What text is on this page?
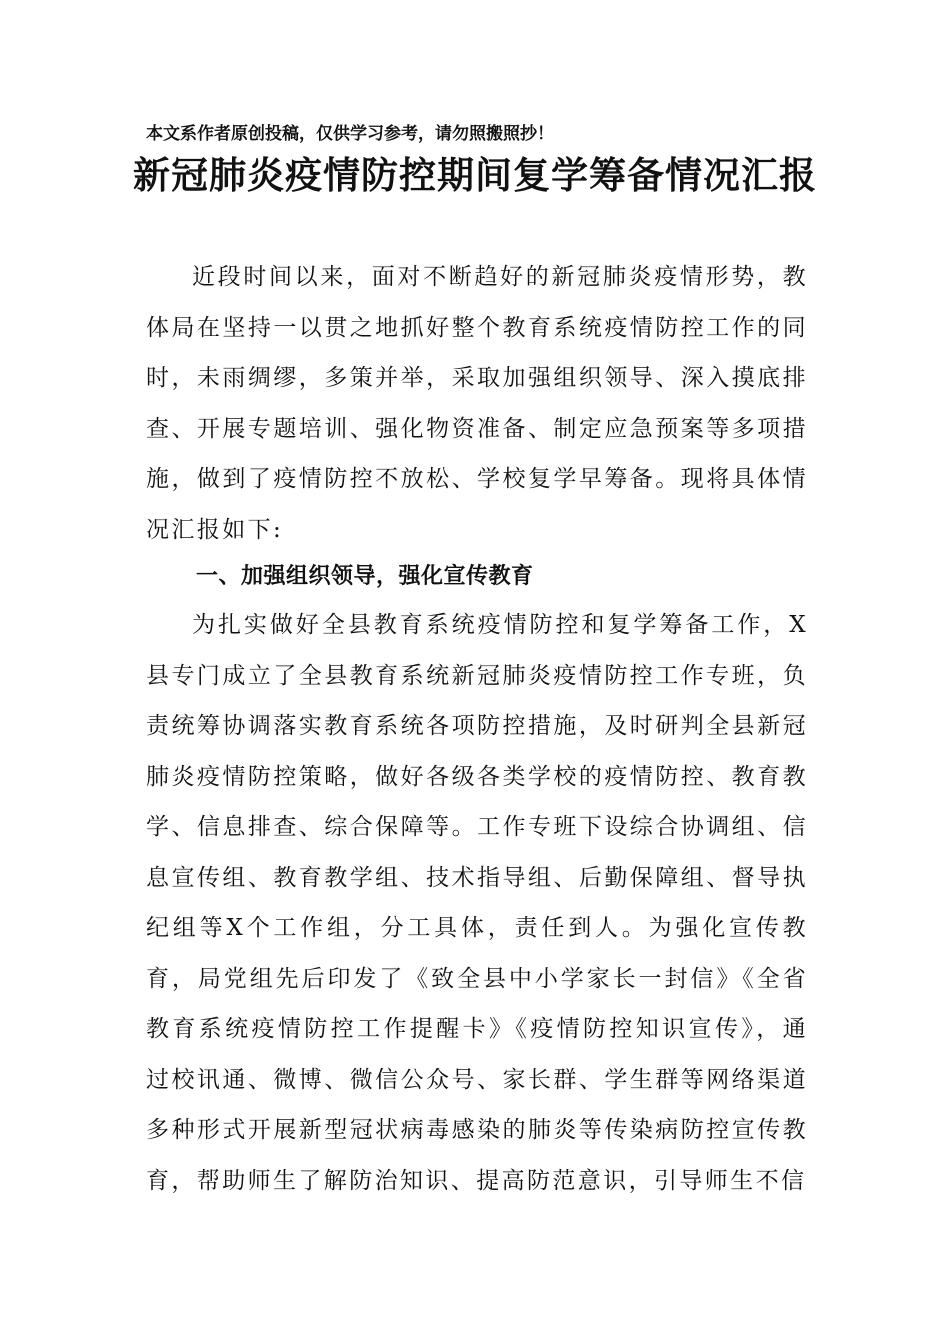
本文系作者原创投稿，仅供学习参考，请勿照搬照抄！
新冠肺炎疫情防控期间复学筹备情况汇报

近段时间以来，面对不断趋好的新冠肺炎疫情形势，教体局在坚持一以贯之地抓好整个教育系统疫情防控工作的同时，未雨绸缪，多策并举，采取加强组织领导、深入摸底排查、开展专题培训、强化物资准备、制定应急预案等多项措施，做到了疫情防控不放松、学校复学早筹备。现将具体情况汇报如下:

一、加强组织领导，强化宣传教育

为扎实做好全县教育系统疫情防控和复学筹备工作，X县专门成立了全县教育系统新冠肺炎疫情防控工作专班，负责统筹协调落实教育系统各项防控措施，及时研判全县新冠肺炎疫情防控策略，做好各级各类学校的疫情防控、教育教学、信息排查、综合保障等。工作专班下设综合协调组、信息宣传组、教育教学组、技术指导组、后勤保障组、督导执纪组等X个工作组，分工具体，责任到人。为强化宣传教育，局党组先后印发了《致全县中小学家长一封信》《全省教育系统疫情防控工作提醒卡》《疫情防控知识宣传》，通过校讯通、微博、微信公众号、家长群、学生群等网络渠道多种形式开展新型冠状病毒感染的肺炎等传染病防控宣传教育，帮助师生了解防治知识、提高防范意识，引导师生不信
